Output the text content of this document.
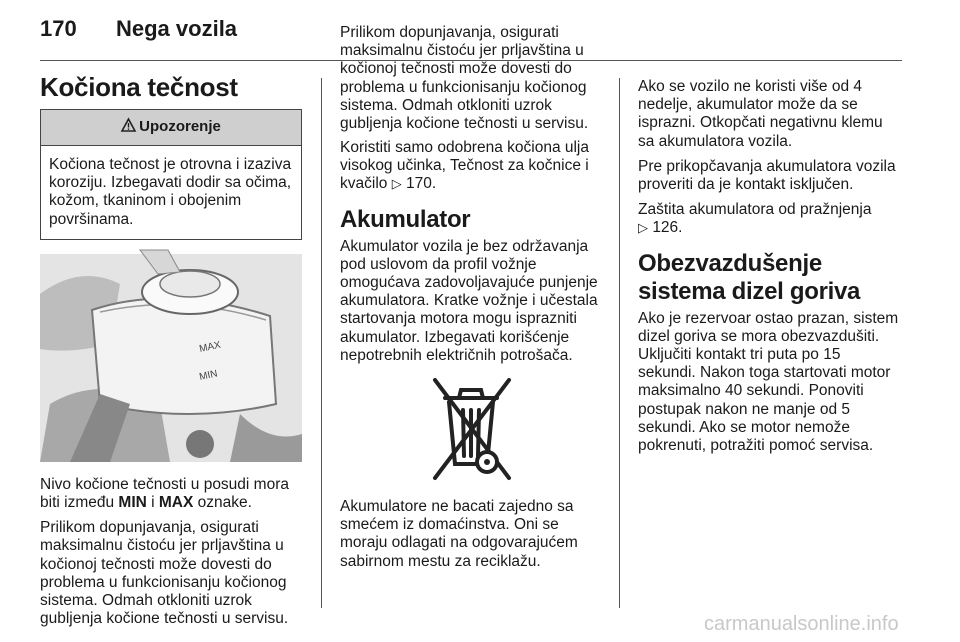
170 Nega vozila
Kočiona tečnost
Upozorenje
Kočiona tečnost je otrovna i izaziva koroziju. Izbegavati dodir sa očima, kožom, tkaninom i obojenim površinama.
MAX
MIN

Nivo kočione tečnosti u posudi mora biti između MIN i MAX oznake.

Prilikom dopunjavanja, osigurati maksimalnu čistoću jer prljavština u kočionoj tečnosti može dovesti do problema u funkcionisanju kočionog sistema. Odmah otkloniti uzrok gubljenja kočione tečnosti u servisu.

Prilikom dopunjavanja, osigurati maksimalnu čistoću jer prljavština u kočionoj tečnosti može dovesti do problema u funkcionisanju kočionog sistema. Odmah otkloniti uzrok gubljenja kočione tečnosti u servisu.

Koristiti samo odobrena kočiona ulja visokog učinka, Tečnost za kočnice i kvačilo ▷ 170.

Akumulator

Akumulator vozila je bez održavanja pod uslovom da profil vožnje omogućava zadovoljavajuće punjenje akumulatora. Kratke vožnje i učestala startovanja motora mogu isprazniti akumulator. Izbegavati korišćenje nepotrebnih električnih potrošača.

Akumulatore ne bacati zajedno sa smećem iz domaćinstva. Oni se moraju odlagati na odgovarajućem sabirnom mestu za reciklažu.

Ako se vozilo ne koristi više od 4 nedelje, akumulator može da se isprazni. Otkopčati negativnu klemu sa akumulatora vozila.

Pre prikopčavanja akumulatora vozila proveriti da je kontakt isključen.

Zaštita akumulatora od pražnjenja
▷ 126.

Obezvazdušenje sistema dizel goriva

Ako je rezervoar ostao prazan, sistem dizel goriva se mora obezvazdušiti. Uključiti kontakt tri puta po 15 sekundi. Nakon toga startovati motor maksimalno 40 sekundi. Ponoviti postupak nakon ne manje od 5 sekundi. Ako se motor nemože pokrenuti, potražiti pomoć servisa.

carmanualsonline.info
